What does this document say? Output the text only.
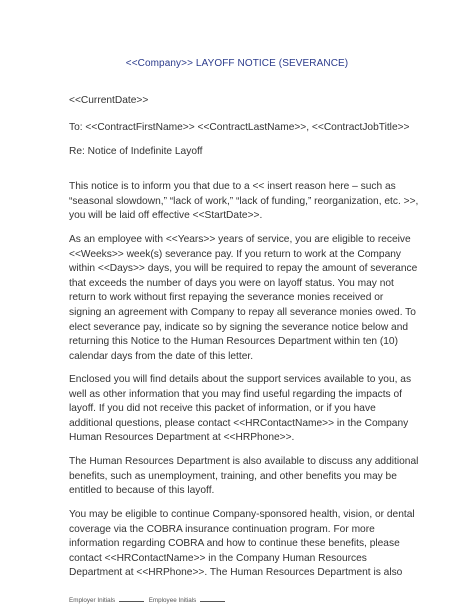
<<Company>> LAYOFF NOTICE (SEVERANCE)
<<CurrentDate>>
To: <<ContractFirstName>> <<ContractLastName>>, <<ContractJobTitle>>
Re: Notice of Indefinite Layoff
This notice is to inform you that due to a << insert reason here – such as
“seasonal slowdown,” “lack of work,” “lack of funding,” reorganization, etc. >>,
you will be laid off effective <<StartDate>>.
As an employee with <<Years>> years of service, you are eligible to receive
<<Weeks>> week(s) severance pay. If you return to work at the Company
within <<Days>> days, you will be required to repay the amount of severance
that exceeds the number of days you were on layoff status. You may not
return to work without first repaying the severance monies received or
signing an agreement with Company to repay all severance monies owed. To
elect severance pay, indicate so by signing the severance notice below and
returning this Notice to the Human Resources Department within ten (10)
calendar days from the date of this letter.
Enclosed you will find details about the support services available to you, as
well as other information that you may find useful regarding the impacts of
layoff. If you did not receive this packet of information, or if you have
additional questions, please contact <<HRContactName>> in the Company
Human Resources Department at <<HRPhone>>.
The Human Resources Department is also available to discuss any additional
benefits, such as unemployment, training, and other benefits you may be
entitled to because of this layoff.
You may be eligible to continue Company-sponsored health, vision, or dental
coverage via the COBRA insurance continuation program. For more
information regarding COBRA and how to continue these benefits, please
contact <<HRContactName>> in the Company Human Resources
Department at <<HRPhone>>. The Human Resources Department is also
Employer Initials	Employee Initials
